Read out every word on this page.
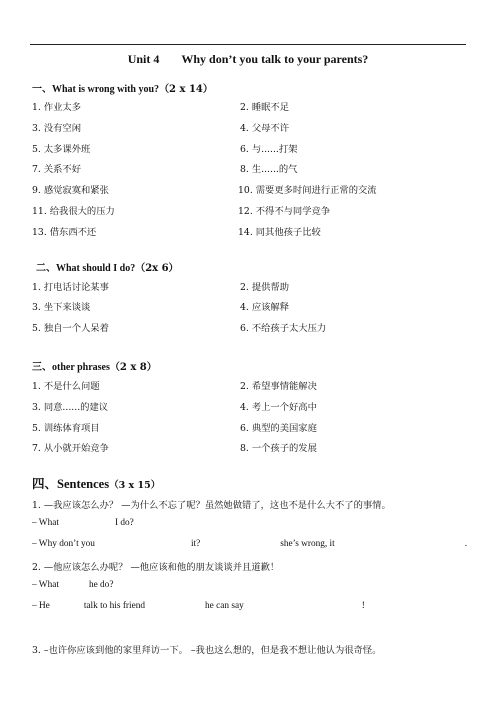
Unit 4 Why don’t you talk to your parents?
一、What is wrong with you?（2 x 14）
1. 作业太多	2. 睡眠不足
3. 没有空闲	4. 父母不许
5. 太多课外班	6. 与......打架
7. 关系不好	8. 生......的气
9. 感觉寂寞和紧张	10. 需要更多时间进行正常的交流
11. 给我很大的压力	12. 不得不与同学竞争
13. 借东西不还	14. 同其他孩子比较
二、What should I do?（2x 6）
1. 打电话讨论某事	2. 提供帮助
3. 坐下来谈谈	4. 应该解释
5. 独自一个人呆着	6. 不给孩子太大压力
三、other phrases（2 x 8）
1. 不是什么问题	2. 希望事情能解决
3. 同意......的建议	4. 考上一个好高中
5. 训练体育项目	6. 典型的美国家庭
7. 从小就开始竞争	8. 一个孩子的发展
四、Sentences（3 x 15）
1. —我应该怎么办？ —为什么不忘了呢？虽然她做错了，这也不是什么大不了的事情。
– What	I do?
– Why don’t you	it?	she’s wrong, it	.
2. —他应该怎么办呢？ —他应该和他的朋友谈谈并且道歉！
– What	he do?
– He	talk to his friend	he can say	!
3. –也许你应该到他的家里拜访一下。 –我也这么想的，但是我不想让他认为很奇怪。
